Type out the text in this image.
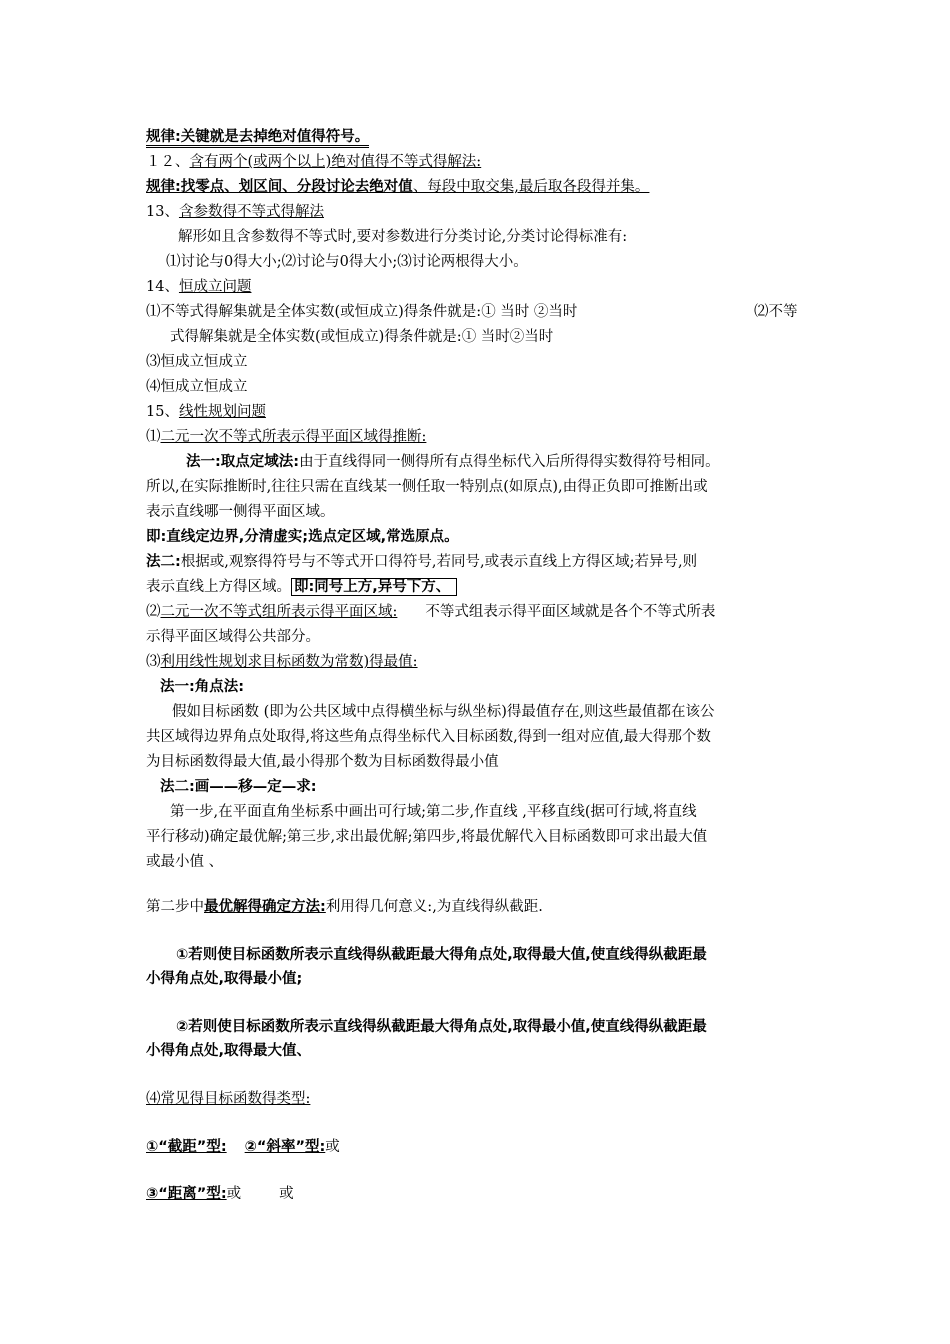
规律:关键就是去掉绝对值得符号。
１２、含有两个(或两个以上)绝对值得不等式得解法:
规律:找零点、划区间、分段讨论去绝对值、每段中取交集,最后取各段得并集。
13、含参数得不等式得解法
解形如且含参数得不等式时,要对参数进行分类讨论,分类讨论得标准有:
⑴讨论与0得大小;⑵讨论与0得大小;⑶讨论两根得大小。
14、恒成立问题
⑴不等式得解集就是全体实数(或恒成立)得条件就是:① 当时 ②当时	⑵不等
式得解集就是全体实数(或恒成立)得条件就是:① 当时②当时
⑶恒成立恒成立
⑷恒成立恒成立
15、线性规划问题
⑴二元一次不等式所表示得平面区域得推断:
法一:取点定域法:由于直线得同一侧得所有点得坐标代入后所得得实数得符号相同。
所以,在实际推断时,往往只需在直线某一侧任取一特别点(如原点),由得正负即可推断出或
表示直线哪一侧得平面区域。
即:直线定边界,分清虚实;选点定区域,常选原点。
法二:根据或,观察得符号与不等式开口得符号,若同号,或表示直线上方得区域;若异号,则
表示直线上方得区域。 即:同号上方,异号下方、
⑵二元一次不等式组所表示得平面区域: 不等式组表示得平面区域就是各个不等式所表
示得平面区域得公共部分。
⑶利用线性规划求目标函数为常数)得最值:
法一:角点法:
假如目标函数 (即为公共区域中点得横坐标与纵坐标)得最值存在,则这些最值都在该公
共区域得边界角点处取得,将这些角点得坐标代入目标函数,得到一组对应值,最大得那个数
为目标函数得最大值,最小得那个数为目标函数得最小值
法二:画——移—定—求:
第一步,在平面直角坐标系中画出可行域;第二步,作直线 ,平移直线(据可行域,将直线
平行移动)确定最优解;第三步,求出最优解;第四步,将最优解代入目标函数即可求出最大值
或最小值 、
第二步中最优解得确定方法:利用得几何意义:,为直线得纵截距.
①若则使目标函数所表示直线得纵截距最大得角点处,取得最大值,使直线得纵截距最
小得角点处,取得最小值;
②若则使目标函数所表示直线得纵截距最大得角点处,取得最小值,使直线得纵截距最
小得角点处,取得最大值、
⑷常见得目标函数得类型:
①“截距”型: ②“斜率”型:或
③“距离”型:或	或
